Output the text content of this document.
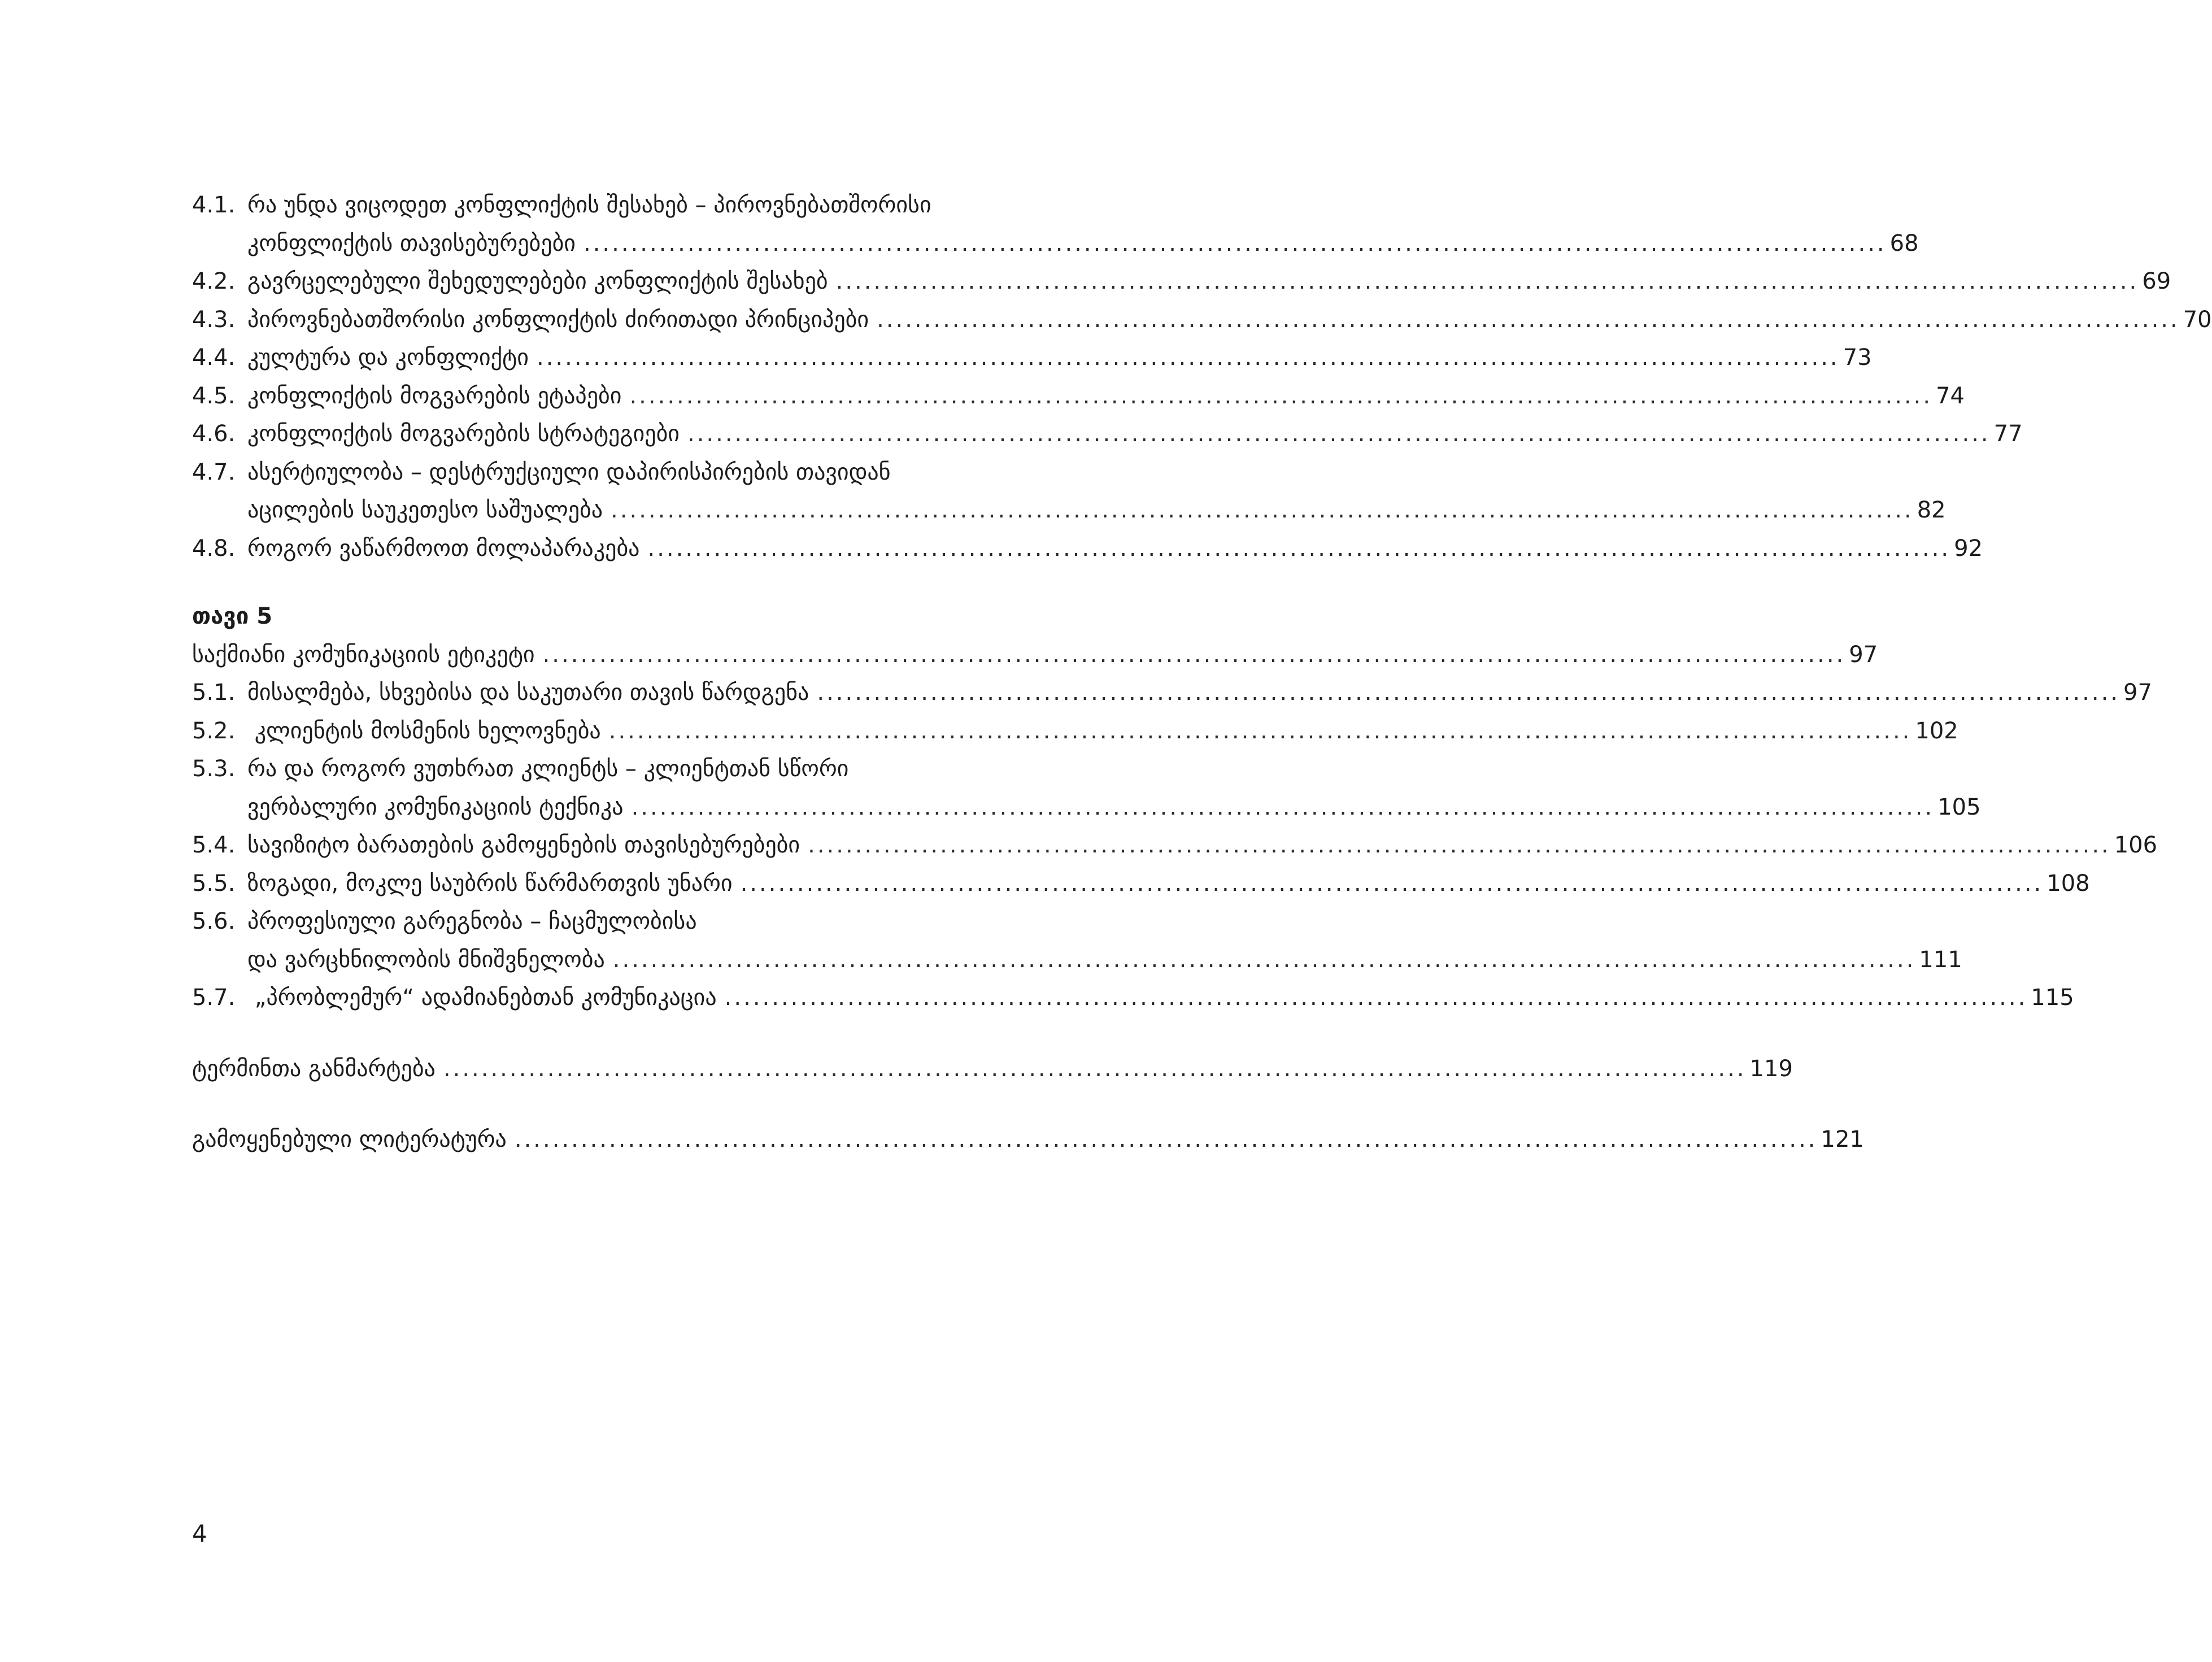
4.1. რა უნდა ვიცოდეთ კონფლიქტის შესახებ – პიროვნებათშორისი
კონფლიქტის თავისებურებები .......................................................................................................................................... 68
4.2. გავრცელებული შეხედულებები კონფლიქტის შესახებ .......................................................................................................................................... 69
4.3. პიროვნებათშორისი კონფლიქტის ძირითადი პრინციპები .......................................................................................................................................... 70
4.4. კულტურა და კონფლიქტი .......................................................................................................................................... 73
4.5. კონფლიქტის მოგვარების ეტაპები .......................................................................................................................................... 74
4.6. კონფლიქტის მოგვარების სტრატეგიები .......................................................................................................................................... 77
4.7. ასერტიულობა – დესტრუქციული დაპირისპირების თავიდან
აცილების საუკეთესო საშუალება .......................................................................................................................................... 82
4.8. როგორ ვაწარმოოთ მოლაპარაკება .......................................................................................................................................... 92
თავი 5
საქმიანი კომუნიკაციის ეტიკეტი .......................................................................................................................................... 97
5.1. მისალმება, სხვებისა და საკუთარი თავის წარდგენა .......................................................................................................................................... 97
5.2. კლიენტის მოსმენის ხელოვნება .......................................................................................................................................... 102
5.3. რა და როგორ ვუთხრათ კლიენტს – კლიენტთან სწორი
ვერბალური კომუნიკაციის ტექნიკა .......................................................................................................................................... 105
5.4. სავიზიტო ბარათების გამოყენების თავისებურებები .......................................................................................................................................... 106
5.5. ზოგადი, მოკლე საუბრის წარმართვის უნარი .......................................................................................................................................... 108
5.6. პროფესიული გარეგნობა – ჩაცმულობისა
და ვარცხნილობის მნიშვნელობა .......................................................................................................................................... 111
5.7. „პრობლემურ“ ადამიანებთან კომუნიკაცია .......................................................................................................................................... 115
ტერმინთა განმარტება .......................................................................................................................................... 119
გამოყენებული ლიტერატურა .......................................................................................................................................... 121
4
